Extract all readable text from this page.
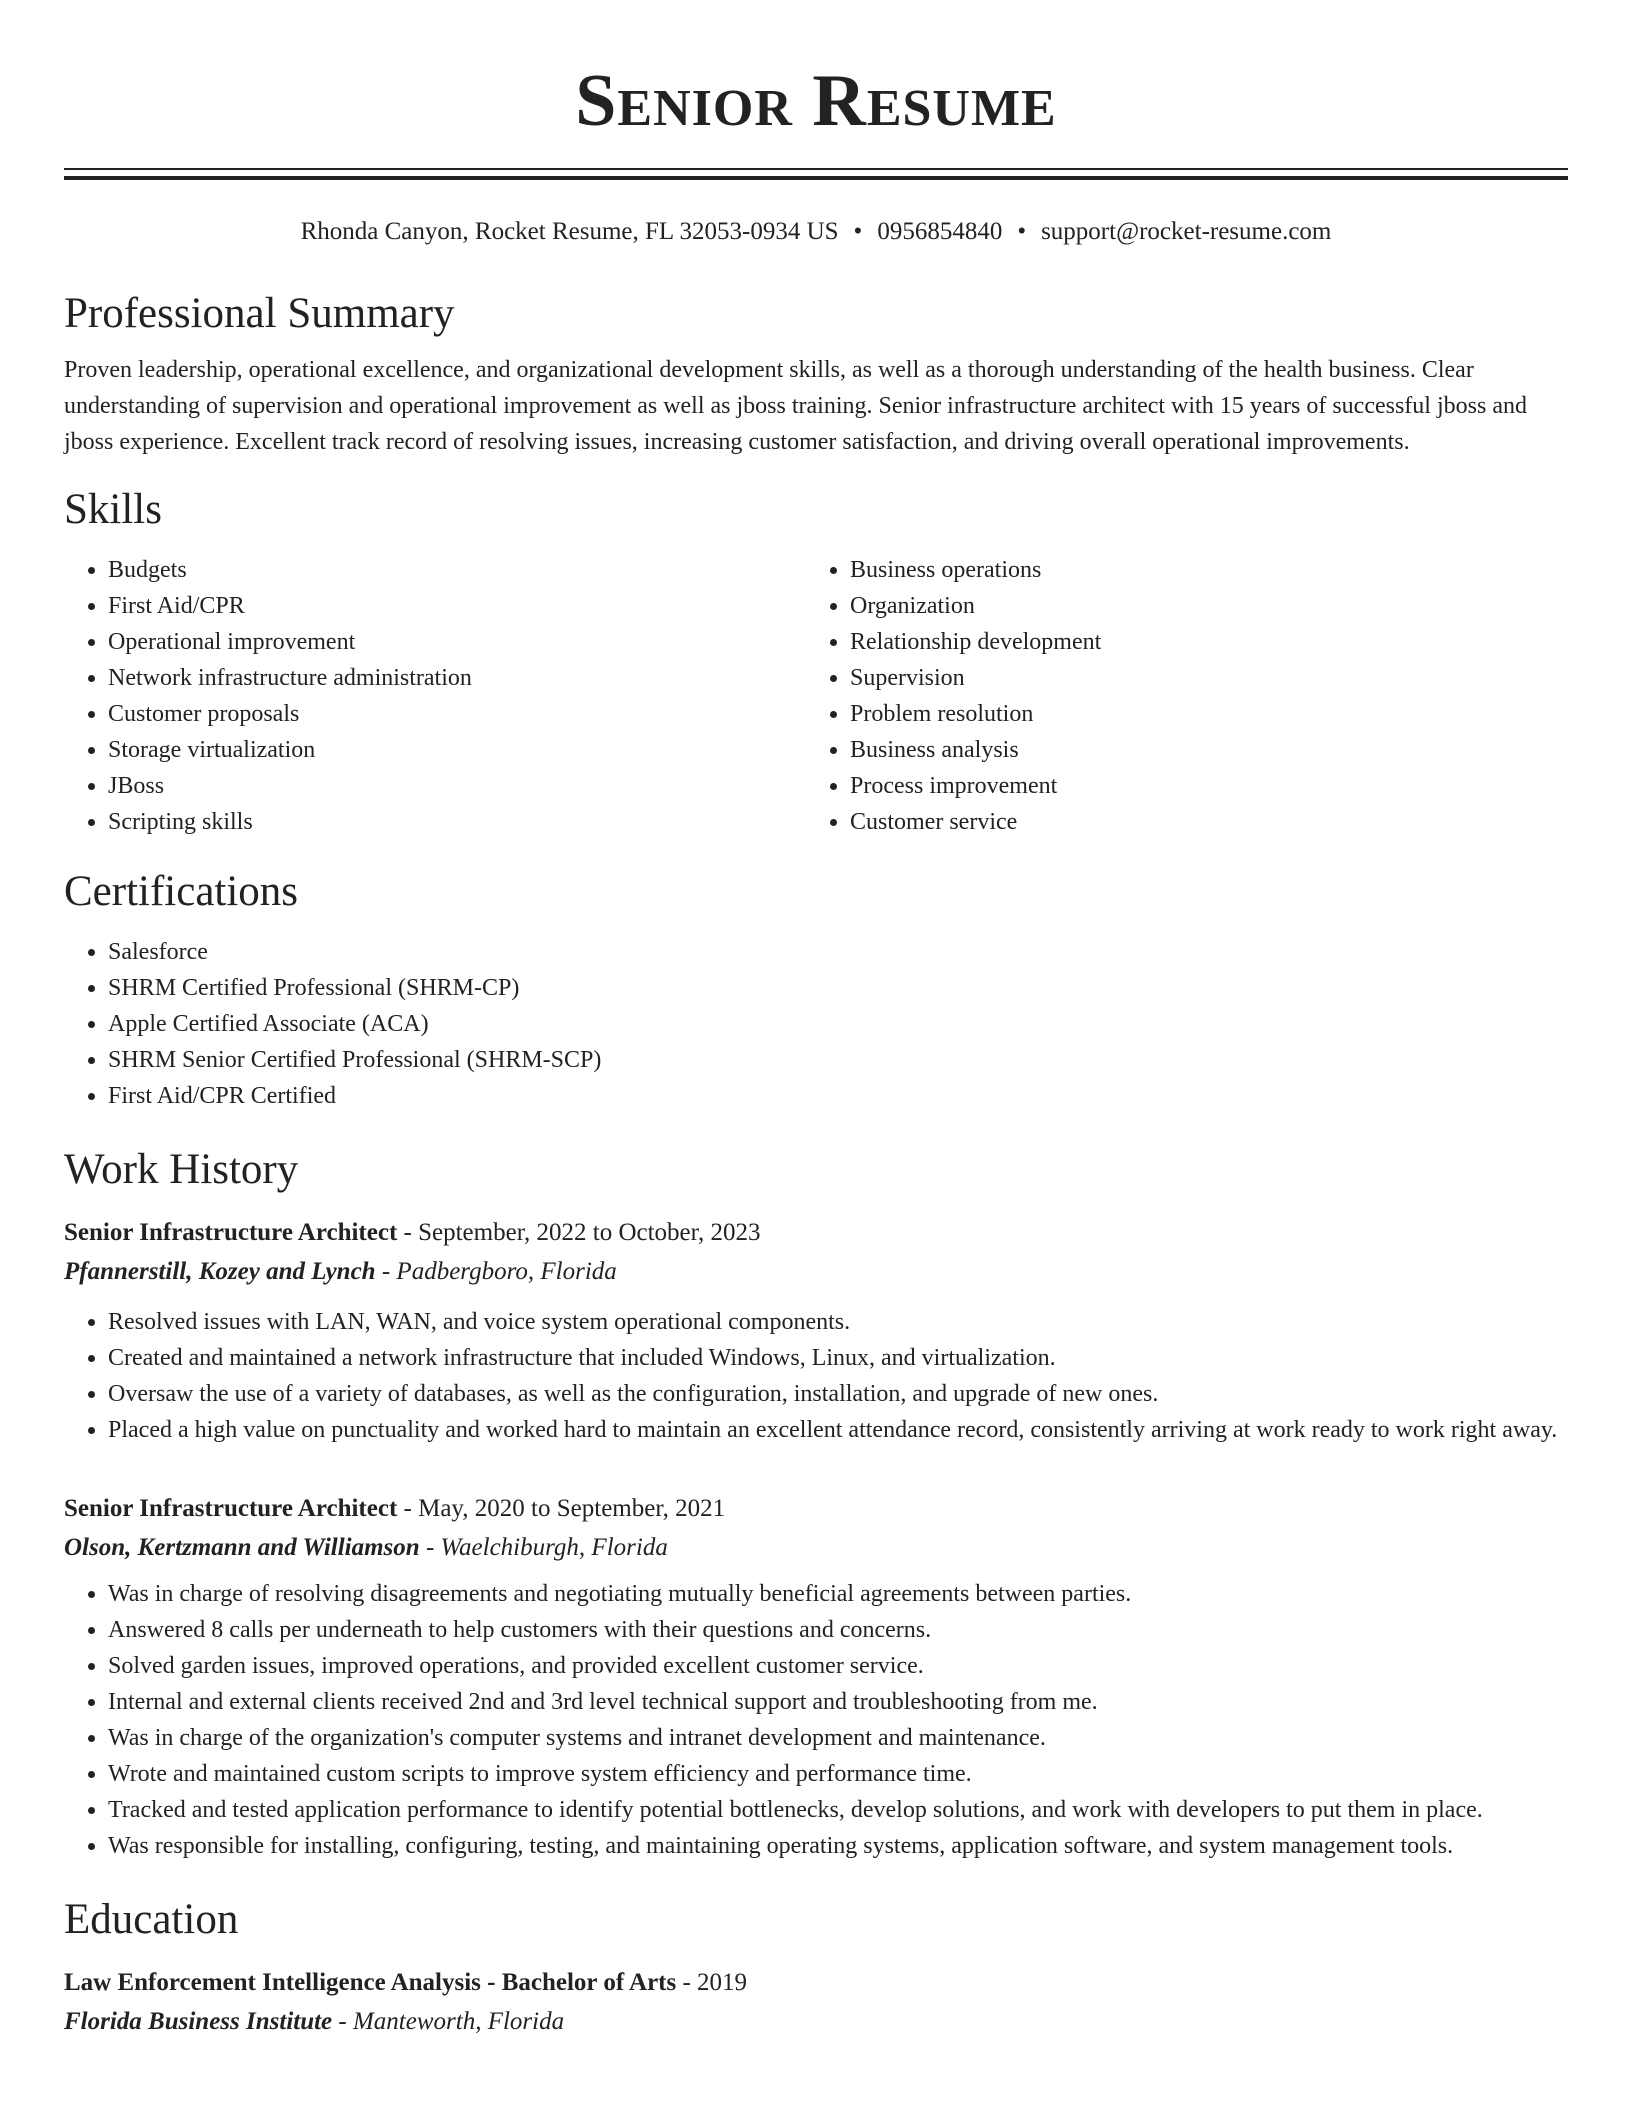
Senior Resume
Rhonda Canyon, Rocket Resume, FL 32053-0934 US • 0956854840 • support@rocket-resume.com
Professional Summary
Proven leadership, operational excellence, and organizational development skills, as well as a thorough understanding of the health business. Clear understanding of supervision and operational improvement as well as jboss training. Senior infrastructure architect with 15 years of successful jboss and jboss experience. Excellent track record of resolving issues, increasing customer satisfaction, and driving overall operational improvements.
Skills
• Budgets
• First Aid/CPR
• Operational improvement
• Network infrastructure administration
• Customer proposals
• Storage virtualization
• JBoss
• Scripting skills
• Business operations
• Organization
• Relationship development
• Supervision
• Problem resolution
• Business analysis
• Process improvement
• Customer service
Certifications
• Salesforce
• SHRM Certified Professional (SHRM-CP)
• Apple Certified Associate (ACA)
• SHRM Senior Certified Professional (SHRM-SCP)
• First Aid/CPR Certified
Work History
Senior Infrastructure Architect - September, 2022 to October, 2023
Pfannerstill, Kozey and Lynch - Padbergboro, Florida
• Resolved issues with LAN, WAN, and voice system operational components.
• Created and maintained a network infrastructure that included Windows, Linux, and virtualization.
• Oversaw the use of a variety of databases, as well as the configuration, installation, and upgrade of new ones.
• Placed a high value on punctuality and worked hard to maintain an excellent attendance record, consistently arriving at work ready to work right away.
Senior Infrastructure Architect - May, 2020 to September, 2021
Olson, Kertzmann and Williamson - Waelchiburgh, Florida
• Was in charge of resolving disagreements and negotiating mutually beneficial agreements between parties.
• Answered 8 calls per underneath to help customers with their questions and concerns.
• Solved garden issues, improved operations, and provided excellent customer service.
• Internal and external clients received 2nd and 3rd level technical support and troubleshooting from me.
• Was in charge of the organization's computer systems and intranet development and maintenance.
• Wrote and maintained custom scripts to improve system efficiency and performance time.
• Tracked and tested application performance to identify potential bottlenecks, develop solutions, and work with developers to put them in place.
• Was responsible for installing, configuring, testing, and maintaining operating systems, application software, and system management tools.
Education
Law Enforcement Intelligence Analysis - Bachelor of Arts - 2019
Florida Business Institute - Manteworth, Florida
